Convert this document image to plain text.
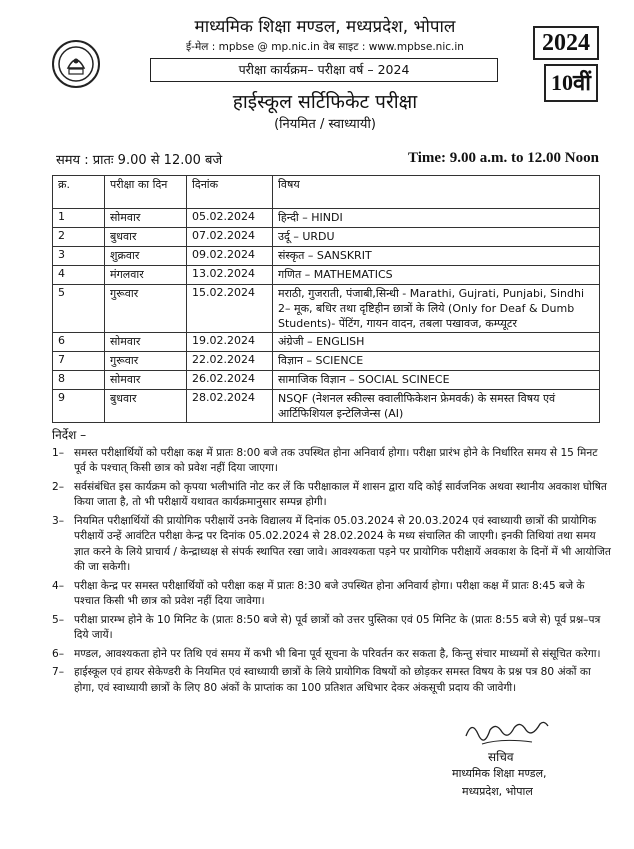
माध्यमिक शिक्षा मण्डल, मध्यप्रदेश, भोपाल
ई-मेल : mpbse @ mp.nic.in वेब साइट : www.mpbse.nic.in
परीक्षा कार्यक्रम– परीक्षा वर्ष – 2024
2024
10वीं
हाईस्कूल सर्टिफिकेट परीक्षा
(नियमित / स्वाध्यायी)
समय : प्रातः 9.00 से 12.00 बजे	Time: 9.00 a.m. to 12.00 Noon
क्र.	परीक्षा का दिन	दिनांक	विषय
1	सोमवार	05.02.2024	हिन्दी – HINDI
2	बुधवार	07.02.2024	उर्दू – URDU
3	शुक्रवार	09.02.2024	संस्कृत – SANSKRIT
4	मंगलवार	13.02.2024	गणित – MATHEMATICS
5	गुरूवार	15.02.2024	मराठी, गुजराती, पंजाबी,सिन्धी - Marathi, Gujrati, Punjabi, Sindhi
2– मूक, बधिर तथा दृष्टिहीन छात्रों के लिये (Only for Deaf & Dumb Students)- पेंटिंग, गायन वादन, तबला पखावज, कम्प्यूटर

6	सोमवार	19.02.2024	अंग्रेजी – ENGLISH
7	गुरूवार	22.02.2024	विज्ञान – SCIENCE
8	सोमवार	26.02.2024	सामाजिक विज्ञान – SOCIAL SCINECE
9	बुधवार	28.02.2024	NSQF (नेशनल स्कील्स क्वालीफिकेशन फ्रेमवर्क) के समस्त विषय एवं आर्टिफिशियल इन्टेलिजेन्स (AI)
निर्देश –
1– समस्त परीक्षार्थियों को परीक्षा कक्ष में प्रातः 8:00 बजे तक उपस्थित होना अनिवार्य होगा। परीक्षा प्रारंभ होने के निर्धारित समय से 15 मिनट पूर्व के पश्चात् किसी छात्र को प्रवेश नहीं दिया जाएगा।
2– सर्वसंबंधित इस कार्यक्रम को कृपया भलीभांति नोट कर लें कि परीक्षाकाल में शासन द्वारा यदि कोई सार्वजनिक अथवा स्थानीय अवकाश घोषित किया जाता है, तो भी परीक्षायें यथावत कार्यक्रमानुसार सम्पन्न होगी।
3– नियमित परीक्षार्थियों की प्रायोगिक परीक्षायें उनके विद्यालय में दिनांक 05.03.2024 से 20.03.2024 एवं स्वाध्यायी छात्रों की प्रायोगिक परीक्षायें उन्हें आवंटित परीक्षा केन्द्र पर दिनांक 05.02.2024 से 28.02.2024 के मध्य संचालित की जाएगी। इनकी तिथियां तथा समय ज्ञात करने के लिये प्राचार्य / केन्द्राध्यक्ष से संपर्क स्थापित रखा जावे। आवश्यकता पड़ने पर प्रायोगिक परीक्षायें अवकाश के दिनों में भी आयोजित की जा सकेगी।
4– परीक्षा केन्द्र पर समस्त परीक्षार्थियों को परीक्षा कक्ष में प्रातः 8:30 बजे उपस्थित होना अनिवार्य होगा। परीक्षा कक्ष में प्रातः 8:45 बजे के पश्चात किसी भी छात्र को प्रवेश नहीं दिया जावेगा।
5– परीक्षा प्रारम्भ होने के 10 मिनिट के (प्रातः 8:50 बजे से) पूर्व छात्रों को उत्तर पुस्तिका एवं 05 मिनिट के (प्रातः 8:55 बजे से) पूर्व प्रश्न–पत्र दिये जायें।
6– मण्डल, आवश्यकता होने पर तिथि एवं समय में कभी भी बिना पूर्व सूचना के परिवर्तन कर सकता है, किन्तु संचार माध्यमों से संसूचित करेगा।
7– हाईस्कूल एवं हायर सेकेण्डरी के नियमित एवं स्वाध्यायी छात्रों के लिये प्रायोगिक विषयों को छोड़कर समस्त विषय के प्रश्न पत्र 80 अंकों का होगा, एवं स्वाध्यायी छात्रों के लिए 80 अंकों के प्राप्तांक का 100 प्रतिशत अधिभार देकर अंकसूची प्रदाय की जावेगी।
सचिव
माध्यमिक शिक्षा मण्डल,
मध्यप्रदेश, भोपाल
